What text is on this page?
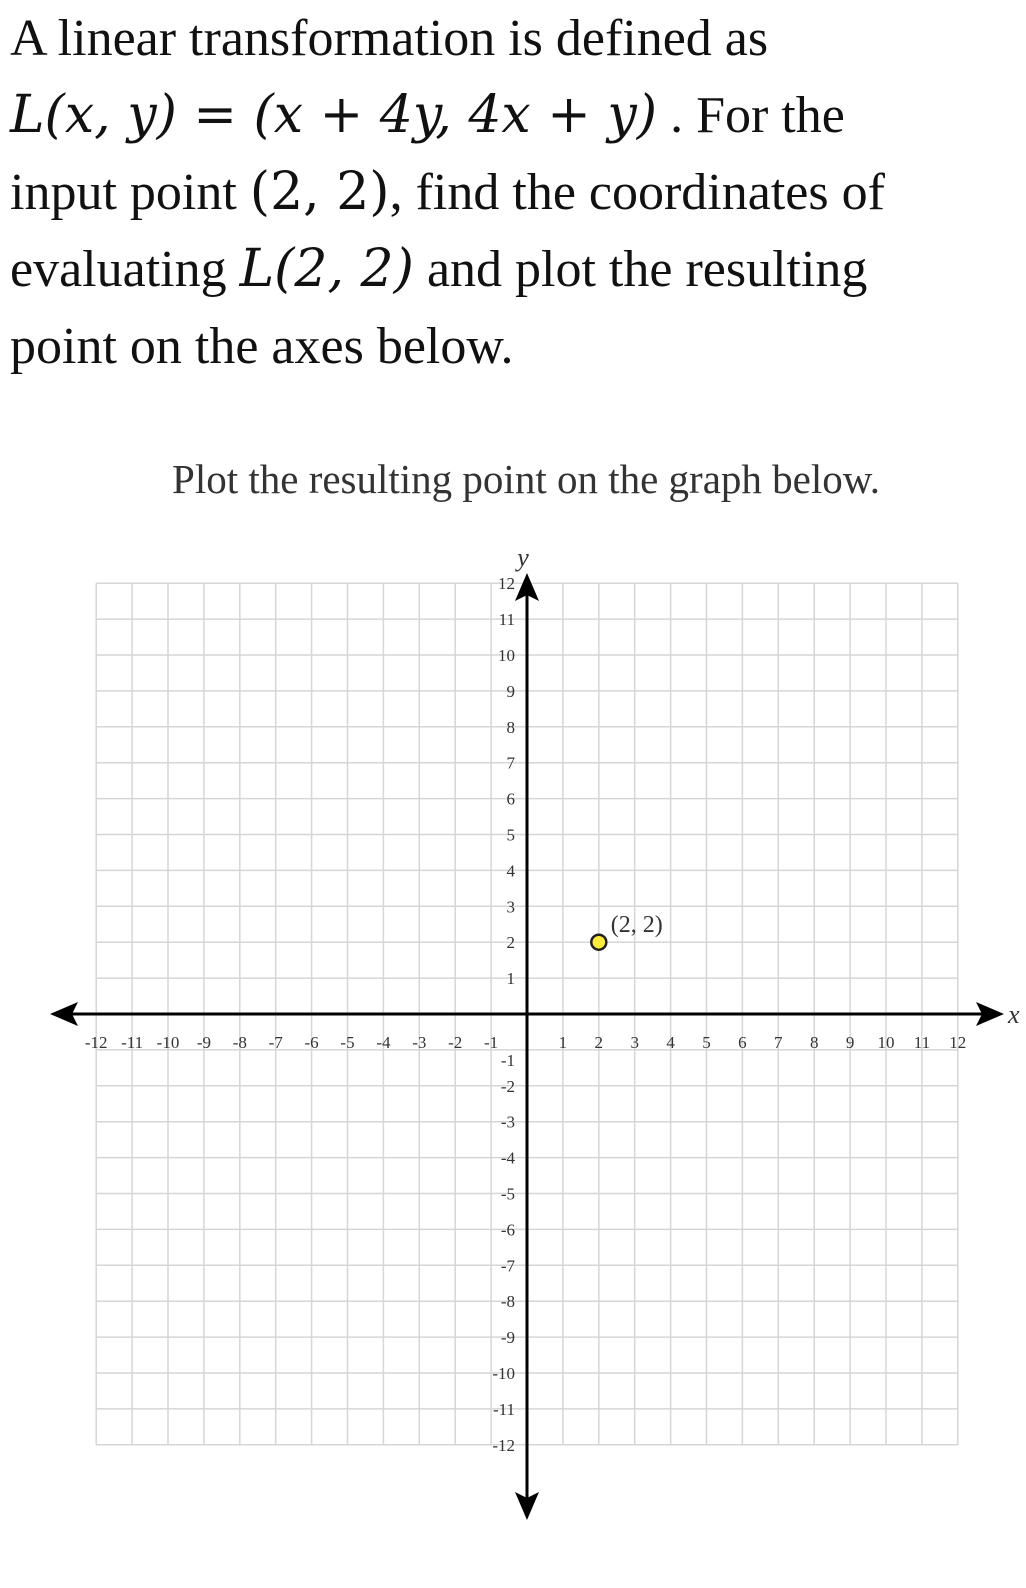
A linear transformation is defined as
L(x, y) = (x + 4y, 4x + y) . For the
input point (2, 2), find the coordinates of
evaluating L(2, 2) and plot the resulting
point on the axes below.

Plot the resulting point on the graph below.

y
x
-12 -11 -10 -9 -8 -7 -6 -5 -4 -3 -2 -1	1 2 3 4 5 6 7 8 9 10 11 12
12
11
10
9
8
7
6
5
4
3
2
1
-1
-2
-3
-4
-5
-6
-7
-8
-9
-10
-11
-12
(2, 2)
